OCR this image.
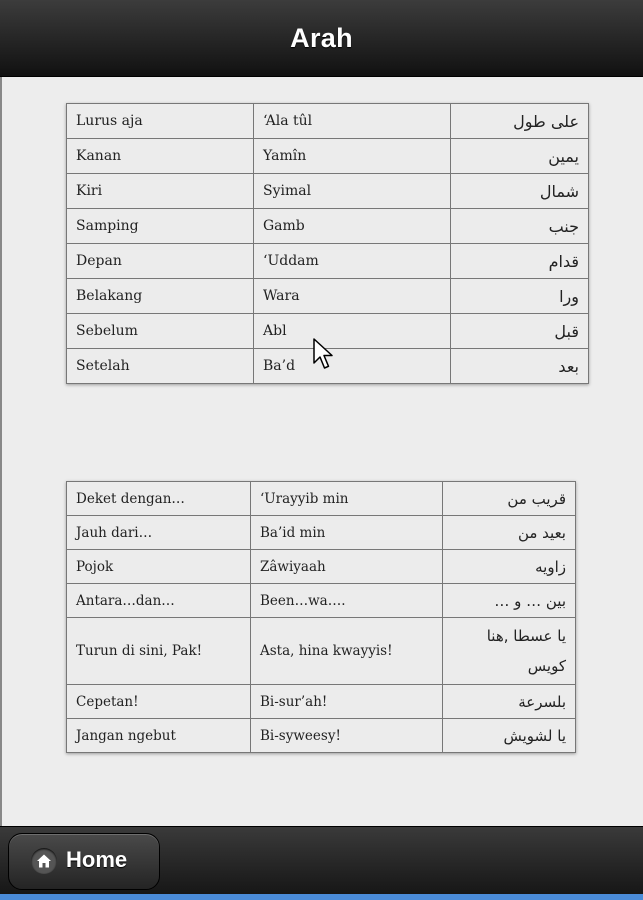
Arah
Lurus aja	‘Ala tûl	على طول
Kanan	Yamîn	يمين
Kiri	Syimal	شمال
Samping	Gamb	جنب
Depan	‘Uddam	قدام
Belakang	Wara	ورا
Sebelum	Abl	قبل
Setelah	Ba’d	بعد
Deket dengan…	‘Urayyib min	قريب من
Jauh dari…	Ba’id min	بعيد من
Pojok	Zâwiyaah	زاويه
Antara…dan…	Been…wa….	بين … و …
Turun di sini, Pak!	Asta, hina kwayyis!	يا عسطا ,هنا كويس
Cepetan!	Bi-sur’ah!	بلسرعة
Jangan ngebut	Bi-syweesy!	يا لشويش
Home
